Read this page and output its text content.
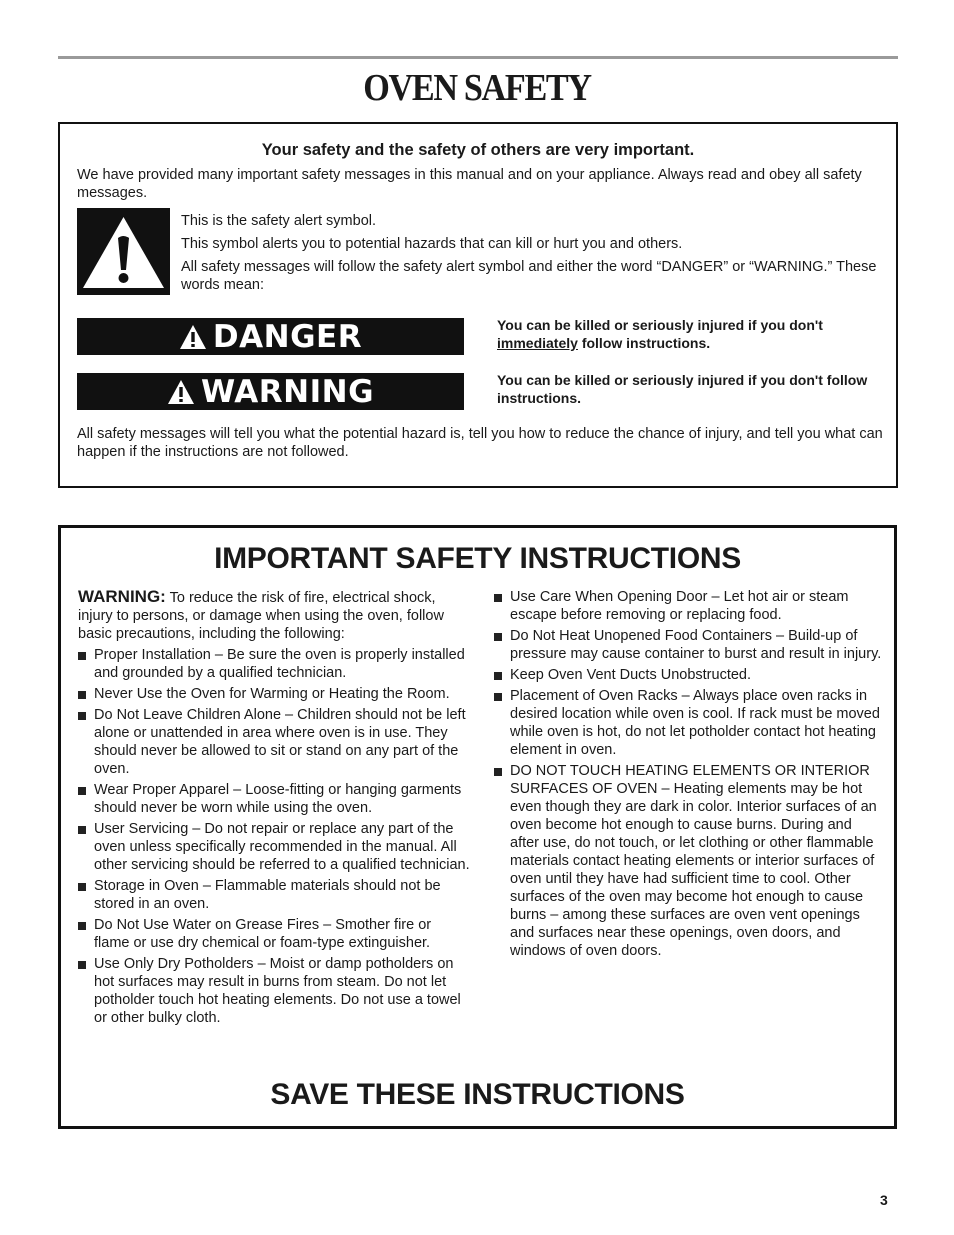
OVEN SAFETY

Your safety and the safety of others are very important.

We have provided many important safety messages in this manual and on your appliance. Always read and obey all safety messages.

This is the safety alert symbol.

This symbol alerts you to potential hazards that can kill or hurt you and others.

All safety messages will follow the safety alert symbol and either the word “DANGER” or “WARNING.” These words mean:

DANGER	You can be killed or seriously injured if you don't immediately follow instructions.

WARNING	You can be killed or seriously injured if you don't follow instructions.

All safety messages will tell you what the potential hazard is, tell you how to reduce the chance of injury, and tell you what can happen if the instructions are not followed.

IMPORTANT SAFETY INSTRUCTIONS

WARNING: To reduce the risk of fire, electrical shock, injury to persons, or damage when using the oven, follow basic precautions, including the following:

Proper Installation – Be sure the oven is properly installed and grounded by a qualified technician.
Never Use the Oven for Warming or Heating the Room.
Do Not Leave Children Alone – Children should not be left alone or unattended in area where oven is in use. They should never be allowed to sit or stand on any part of the oven.
Wear Proper Apparel – Loose-fitting or hanging garments should never be worn while using the oven.
User Servicing – Do not repair or replace any part of the oven unless specifically recommended in the manual. All other servicing should be referred to a qualified technician.
Storage in Oven – Flammable materials should not be stored in an oven.
Do Not Use Water on Grease Fires – Smother fire or flame or use dry chemical or foam-type extinguisher.
Use Only Dry Potholders – Moist or damp potholders on hot surfaces may result in burns from steam. Do not let potholder touch hot heating elements. Do not use a towel or other bulky cloth.
Use Care When Opening Door – Let hot air or steam escape before removing or replacing food.
Do Not Heat Unopened Food Containers – Build-up of pressure may cause container to burst and result in injury.
Keep Oven Vent Ducts Unobstructed.
Placement of Oven Racks – Always place oven racks in desired location while oven is cool. If rack must be moved while oven is hot, do not let potholder contact hot heating element in oven.
DO NOT TOUCH HEATING ELEMENTS OR INTERIOR SURFACES OF OVEN – Heating elements may be hot even though they are dark in color. Interior surfaces of an oven become hot enough to cause burns. During and after use, do not touch, or let clothing or other flammable materials contact heating elements or interior surfaces of oven until they have had sufficient time to cool. Other surfaces of the oven may become hot enough to cause burns – among these surfaces are oven vent openings and surfaces near these openings, oven doors, and windows of oven doors.
SAVE THESE INSTRUCTIONS
3
